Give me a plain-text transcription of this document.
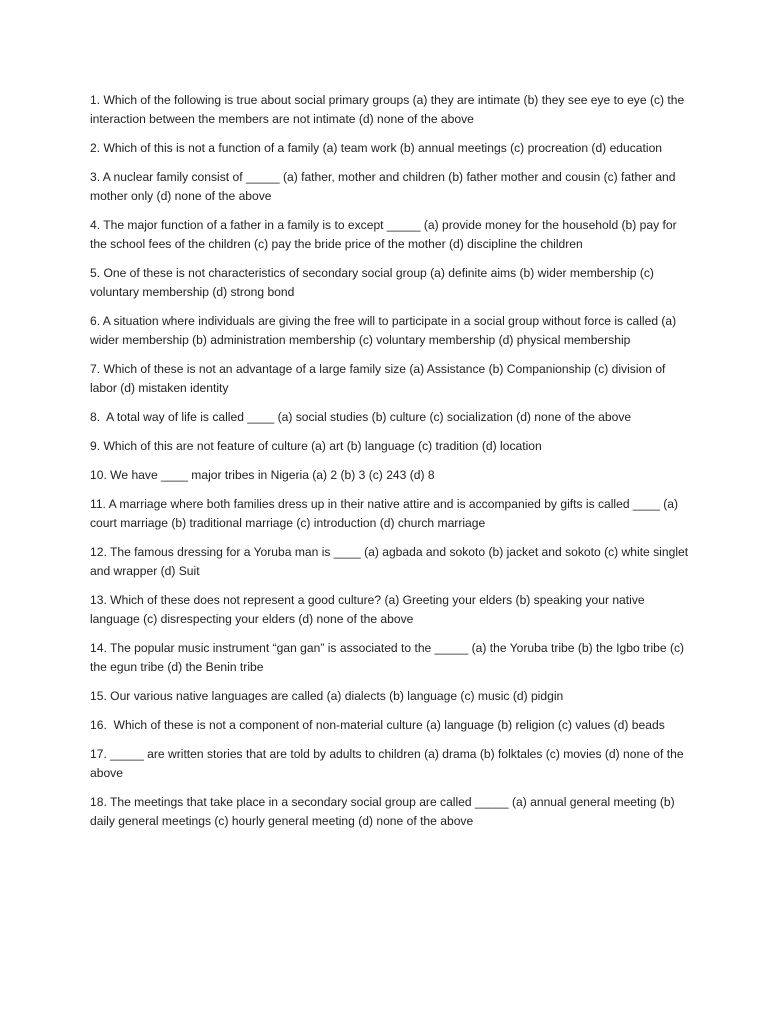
1. Which of the following is true about social primary groups (a) they are intimate (b) they see eye to eye (c) the interaction between the members are not intimate (d) none of the above

2. Which of this is not a function of a family (a) team work (b) annual meetings (c) procreation (d) education

3. A nuclear family consist of _____ (a) father, mother and children (b) father mother and cousin (c) father and mother only (d) none of the above

4. The major function of a father in a family is to except _____ (a) provide money for the household (b) pay for the school fees of the children (c) pay the bride price of the mother (d) discipline the children

5. One of these is not characteristics of secondary social group (a) definite aims (b) wider membership (c) voluntary membership (d) strong bond

6. A situation where individuals are giving the free will to participate in a social group without force is called (a) wider membership (b) administration membership (c) voluntary membership (d) physical membership

7. Which of these is not an advantage of a large family size (a) Assistance (b) Companionship (c) division of labor (d) mistaken identity

8.  A total way of life is called ____ (a) social studies (b) culture (c) socialization (d) none of the above

9. Which of this are not feature of culture (a) art (b) language (c) tradition (d) location

10. We have ____ major tribes in Nigeria (a) 2 (b) 3 (c) 243 (d) 8

11. A marriage where both families dress up in their native attire and is accompanied by gifts is called ____ (a) court marriage (b) traditional marriage (c) introduction (d) church marriage

12. The famous dressing for a Yoruba man is ____ (a) agbada and sokoto (b) jacket and sokoto (c) white singlet and wrapper (d) Suit

13. Which of these does not represent a good culture? (a) Greeting your elders (b) speaking your native language (c) disrespecting your elders (d) none of the above

14. The popular music instrument “gan gan” is associated to the _____ (a) the Yoruba tribe (b) the Igbo tribe (c) the egun tribe (d) the Benin tribe

15. Our various native languages are called (a) dialects (b) language (c) music (d) pidgin

16.  Which of these is not a component of non-material culture (a) language (b) religion (c) values (d) beads

17. _____ are written stories that are told by adults to children (a) drama (b) folktales (c) movies (d) none of the above

18. The meetings that take place in a secondary social group are called _____ (a) annual general meeting (b) daily general meetings (c) hourly general meeting (d) none of the above
